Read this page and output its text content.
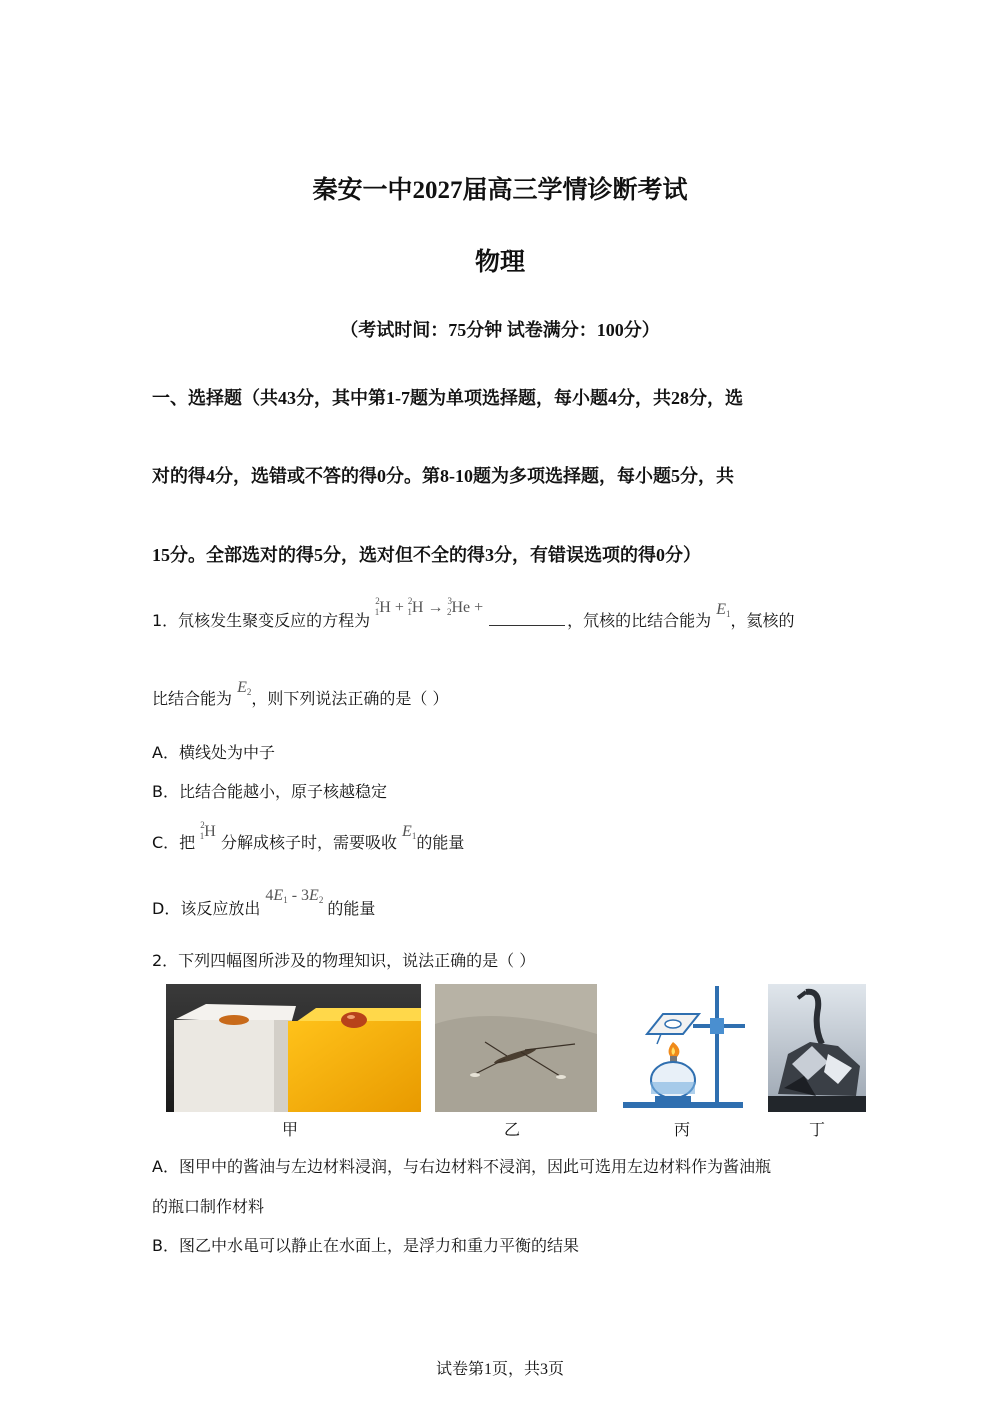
秦安一中2027届高三学情诊断考试
物理
（考试时间：75分钟 试卷满分：100分）
一、选择题（共43分，其中第1-7题为单项选择题，每小题4分，共28分，选
对的得4分，选错或不答的得0分。第8-10题为多项选择题，每小题5分，共
15分。全部选对的得5分，选对但不全的得3分，有错误选项的得0分）
1．氘核发生聚变反应的方程为 $^2_1$H + $^2_1$H → $^3_2$He + ，氘核的比结合能为 $E_1$，氦核的
比结合能为 $E_2$，则下列说法正确的是（ ）
A．横线处为中子
B．比结合能越小，原子核越稳定
C．把 $^2_1$H 分解成核子时，需要吸收 $E_1$的能量
D．该反应放出 $4E_1 - 3E_2$ 的能量
2．下列四幅图所涉及的物理知识，说法正确的是（ ）
甲	乙	丙	丁
A．图甲中的酱油与左边材料浸润，与右边材料不浸润，因此可选用左边材料作为酱油瓶
的瓶口制作材料
B．图乙中水黾可以静止在水面上，是浮力和重力平衡的结果
试卷第1页，共3页
